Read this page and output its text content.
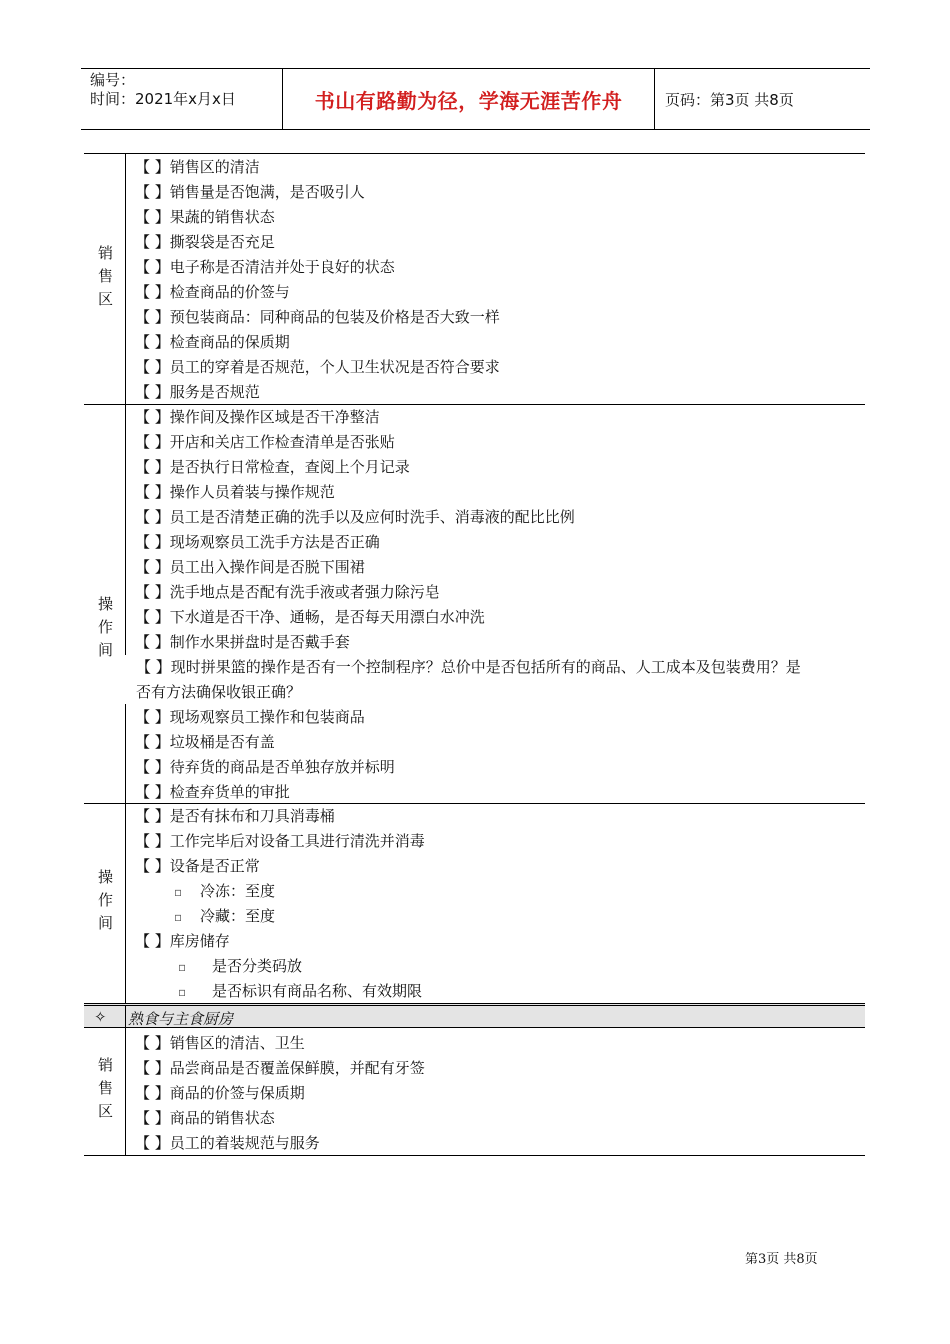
编号：
时间：2021年x月x日	书山有路勤为径，学海无涯苦作舟	页码：第3页 共8页
销售区
【 】销售区的清洁
【 】销售量是否饱满，是否吸引人
【 】果蔬的销售状态
【 】撕裂袋是否充足
【 】电子称是否清洁并处于良好的状态
【 】检查商品的价签与
【 】预包装商品：同种商品的包装及价格是否大致一样
【 】检查商品的保质期
【 】员工的穿着是否规范，个人卫生状况是否符合要求
【 】服务是否规范
操作间
【 】操作间及操作区域是否干净整洁
【 】开店和关店工作检查清单是否张贴
【 】是否执行日常检查，查阅上个月记录
【 】操作人员着装与操作规范
【 】员工是否清楚正确的洗手以及应何时洗手、消毒液的配比比例
【 】现场观察员工洗手方法是否正确
【 】员工出入操作间是否脱下围裙
【 】洗手地点是否配有洗手液或者强力除污皂
【 】下水道是否干净、通畅，是否每天用漂白水冲洗
【 】制作水果拼盘时是否戴手套
【 】现时拼果篮的操作是否有一个控制程序？总价中是否包括所有的商品、人工成本及包装费用？是
否有方法确保收银正确？
【 】现场观察员工操作和包装商品
【 】垃圾桶是否有盖
【 】待弃货的商品是否单独存放并标明
【 】检查弃货单的审批
操作间
【 】是否有抹布和刀具消毒桶
【 】工作完毕后对设备工具进行清洗并消毒
【 】设备是否正常
▫ 冷冻：至度
▫ 冷藏：至度
【 】库房储存
▫ 是否分类码放
▫ 是否标识有商品名称、有效期限
✧ 熟食与主食厨房
销售区
【 】销售区的清洁、卫生
【 】品尝商品是否覆盖保鲜膜，并配有牙签
【 】商品的价签与保质期
【 】商品的销售状态
【 】员工的着装规范与服务
第3页 共8页
